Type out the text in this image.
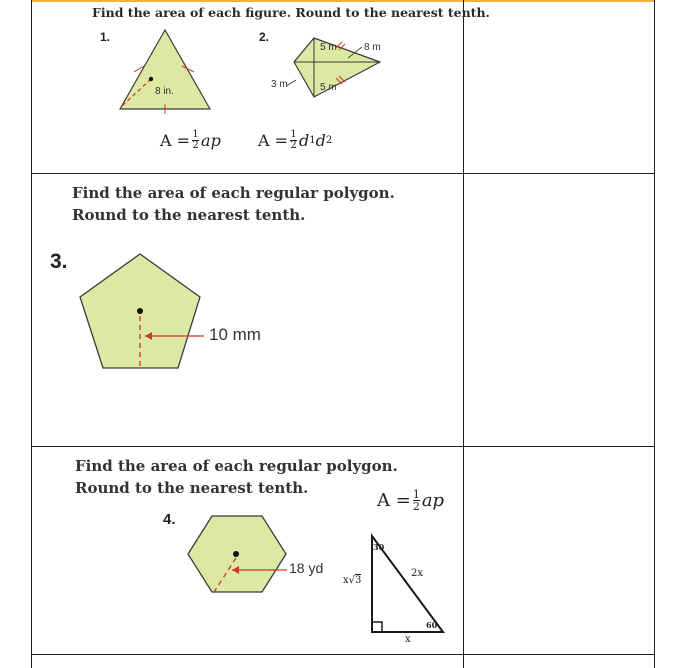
Find the area of each figure. Round to the nearest tenth.
1.	2.
8 in.
5 m	8 m
3 m	5 m
$A = \frac{1}{2}$ ap $A = \frac{1}{2}$ d 1 d 2
Find the area of each regular polygon. Round to the nearest tenth.
3.
10 mm
Find the area of each regular polygon. Round to the nearest tenth.
4.
$A = \frac{1}{2}$ ap
18 yd
30
60
2x
x
x√3
